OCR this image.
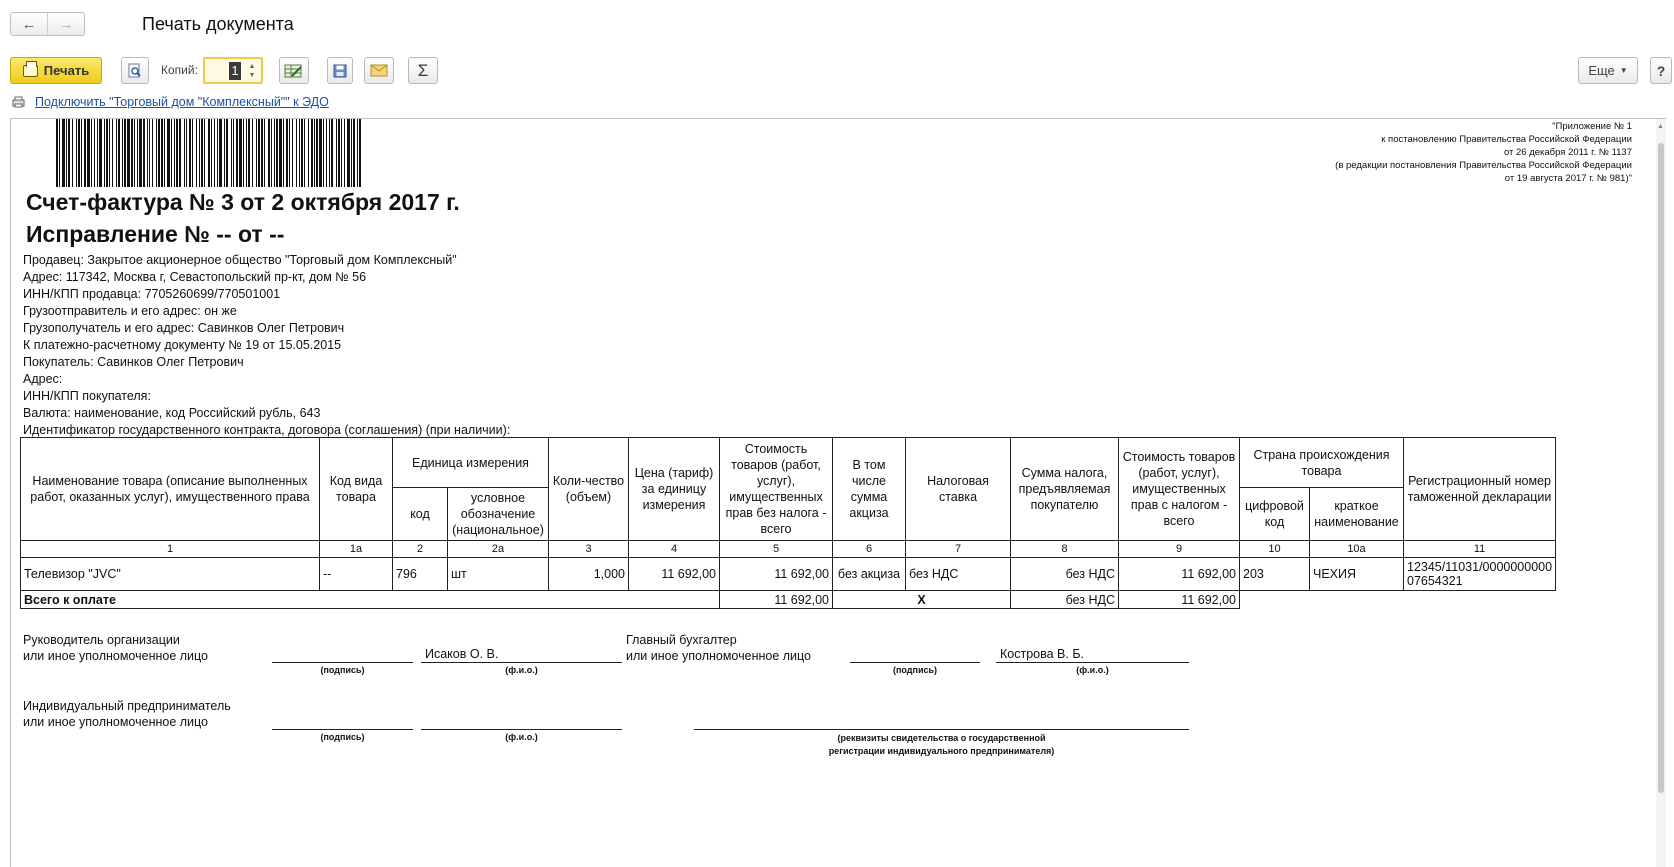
←	→	Печать документа
Печать	Копий:	1	▲
▼	Σ	Еще ▼	?
Подключить "Торговый дом "Комплексный"" к ЭДО
▲
"Приложение № 1
к постановлению Правительства Российской Федерации
от 26 декабря 2011 г. № 1137
(в редакции постановления Правительства Российской Федерации
от 19 августа 2017 г. № 981)"
Счет-фактура № 3 от 2 октября 2017 г.
Исправление № -- от --
Продавец: Закрытое акционерное общество "Торговый дом Комплексный"
Адрес: 117342, Москва г, Севастопольский пр-кт, дом № 56
ИНН/КПП продавца: 7705260699/770501001
Грузоотправитель и его адрес: он же
Грузополучатель и его адрес: Савинков Олег Петрович
К платежно-расчетному документу № 19 от 15.05.2015
Покупатель: Савинков Олег Петрович
Адрес:
ИНН/КПП покупателя:
Валюта: наименование, код Российский рубль, 643
Идентификатор государственного контракта, договора (соглашения) (при наличии):
Наименование товара (описание выполненных работ, оказанных услуг), имущественного права	Код вида товара	Единица измерения		Коли-чество (объем)	Цена (тариф) за единицу измерения	Стоимость товаров (работ, услуг), имущественных прав без налога - всего	В том числе сумма акциза	Налоговая ставка	Сумма налога, предъявляемая покупателю	Стоимость товаров (работ, услуг), имущественных прав с налогом - всего	Страна происхождения товара		Регистрационный номер таможенной декларации
		код	условное обозначение (национальное)								цифровой код	краткое наименование	
1	1а	2	2а	3	4	5	6	7	8	9	10	10а	11
Телевизор "JVC"	--	796	шт	1,000	11 692,00	11 692,00	без акциза	без НДС	без НДС	11 692,00	203	ЧЕХИЯ	12345/11031/0000000000 07654321
Всего к оплате						11 692,00	X		без НДС	11 692,00			
Руководитель организации
или иное уполномоченное лицо
(подпись)
Исаков О. В.
(ф.и.о.)
Главный бухгалтер
или иное уполномоченное лицо
(подпись)
Кострова В. Б.
(ф.и.о.)
Индивидуальный предприниматель
или иное уполномоченное лицо
(подпись)	(ф.и.о.)	(реквизиты свидетельства о государственной
регистрации индивидуального предпринимателя)
